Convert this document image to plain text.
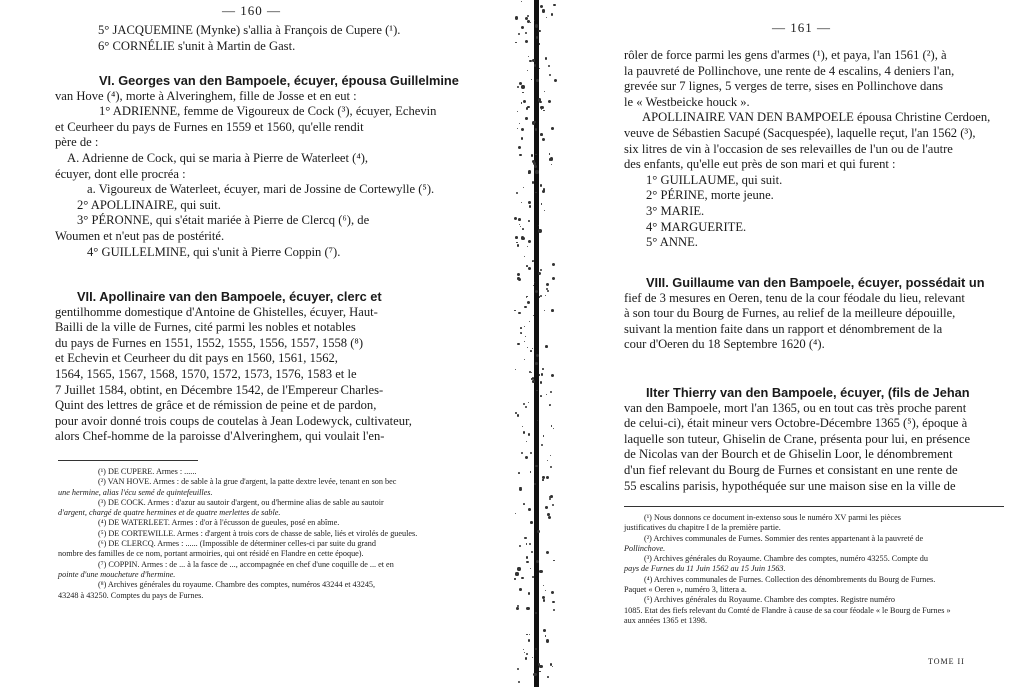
— 160 —

5° JACQUEMINE (Mynke) s'allia à François de Cupere (¹).

6° CORNÉLIE s'unit à Martin de Gast.

VI. Georges van den Bampoele, écuyer, épousa Guillelmine

van Hove (⁴), morte à Alveringhem, fille de Josse et en eut :

1° ADRIENNE, femme de Vigoureux de Cock (³), écuyer, Echevin

et Ceurheer du pays de Furnes en 1559 et 1560, qu'elle rendit

père de :

A. Adrienne de Cock, qui se maria à Pierre de Waterleet (⁴),

écuyer, dont elle procréa :

a. Vigoureux de Waterleet, écuyer, mari de Jossine de Cortewylle (⁵).

2° APOLLINAIRE, qui suit.

3° PÉRONNE, qui s'était mariée à Pierre de Clercq (⁶), de

Woumen et n'eut pas de postérité.

4° GUILLELMINE, qui s'unit à Pierre Coppin (⁷).

VII. Apollinaire van den Bampoele, écuyer, clerc et

gentilhomme domestique d'Antoine de Ghistelles, écuyer, Haut-

Bailli de la ville de Furnes, cité parmi les nobles et notables

du pays de Furnes en 1551, 1552, 1555, 1556, 1557, 1558 (⁸)

et Echevin et Ceurheer du dit pays en 1560, 1561, 1562,

1564, 1565, 1567, 1568, 1570, 1572, 1573, 1576, 1583 et le

7 Juillet 1584, obtint, en Décembre 1542, de l'Empereur Charles-

Quint des lettres de grâce et de rémission de peine et de pardon,

pour avoir donné trois coups de coutelas à Jean Lodewyck, cultivateur,

alors Chef-homme de la paroisse d'Alveringhem, qui voulait l'en-

(¹) DE CUPERE. Armes : ......

(²) VAN HOVE. Armes : de sable à la grue d'argent, la patte dextre levée, tenant en son bec

une hermine, alias l'écu semé de quintefeuilles.

(³) DE COCK. Armes : d'azur au sautoir d'argent, ou d'hermine alias de sable au sautoir

d'argent, chargé de quatre hermines et de quatre merlettes de sable.

(⁴) DE WATERLEET. Armes : d'or à l'écusson de gueules, posé en abîme.

(⁵) DE CORTEWILLE. Armes : d'argent à trois cors de chasse de sable, liés et virolés de gueules.

(⁶) DE CLERCQ. Armes : ...... (Impossible de déterminer celles-ci par suite du grand

nombre des familles de ce nom, portant armoiries, qui ont résidé en Flandre en cette époque).

(⁷) COPPIN. Armes : de ... à la fasce de ..., accompagnée en chef d'une coquille de ... et en

pointe d'une moucheture d'hermine.

(⁸) Archives générales du royaume. Chambre des comptes, numéros 43244 et 43245,

43248 à 43250. Comptes du pays de Furnes.

— 161 —

rôler de force parmi les gens d'armes (¹), et paya, l'an 1561 (²), à

la pauvreté de Pollinchove, une rente de 4 escalins, 4 deniers l'an,

grevée sur 7 lignes, 5 verges de terre, sises en Pollinchove dans

le « Westbeicke houck ».

APOLLINAIRE VAN DEN BAMPOELE épousa Christine Cerdoen,

veuve de Sébastien Sacupé (Sacquespée), laquelle reçut, l'an 1562 (³),

six litres de vin à l'occasion de ses relevailles de l'un ou de l'autre

des enfants, qu'elle eut près de son mari et qui furent :

1° GUILLAUME, qui suit.

2° PÉRINE, morte jeune.

3° MARIE.

4° MARGUERITE.

5° ANNE.

VIII. Guillaume van den Bampoele, écuyer, possédait un

fief de 3 mesures en Oeren, tenu de la cour féodale du lieu, relevant

à son tour du Bourg de Furnes, au relief de la meilleure dépouille,

suivant la mention faite dans un rapport et dénombrement de la

cour d'Oeren du 18 Septembre 1620 (⁴).

IIter Thierry van den Bampoele, écuyer, (fils de Jehan

van den Bampoele, mort l'an 1365, ou en tout cas très proche parent

de celui-ci), était mineur vers Octobre-Décembre 1365 (⁵), époque à

laquelle son tuteur, Ghiselin de Crane, présenta pour lui, en présence

de Nicolas van der Bourch et de Ghiselin Loor, le dénombrement

d'un fief relevant du Bourg de Furnes et consistant en une rente de

55 escalins parisis, hypothéquée sur une maison sise en la ville de

(¹) Nous donnons ce document in-extenso sous le numéro XV parmi les pièces

justificatives du chapitre I de la première partie.

(²) Archives communales de Furnes. Sommier des rentes appartenant à la pauvreté de

Pollinchove.

(³) Archives générales du Royaume. Chambre des comptes, numéro 43255. Compte du

pays de Furnes du 11 Juin 1562 au 15 Juin 1563.

(⁴) Archives communales de Furnes. Collection des dénombrements du Bourg de Furnes.

Paquet « Oeren », numéro 3, littera a.

(⁵) Archives générales du Royaume. Chambre des comptes. Registre numéro

1085. Etat des fiefs relevant du Comté de Flandre à cause de sa cour féodale « le Bourg de Furnes »

aux années 1365 et 1398.

TOME II
